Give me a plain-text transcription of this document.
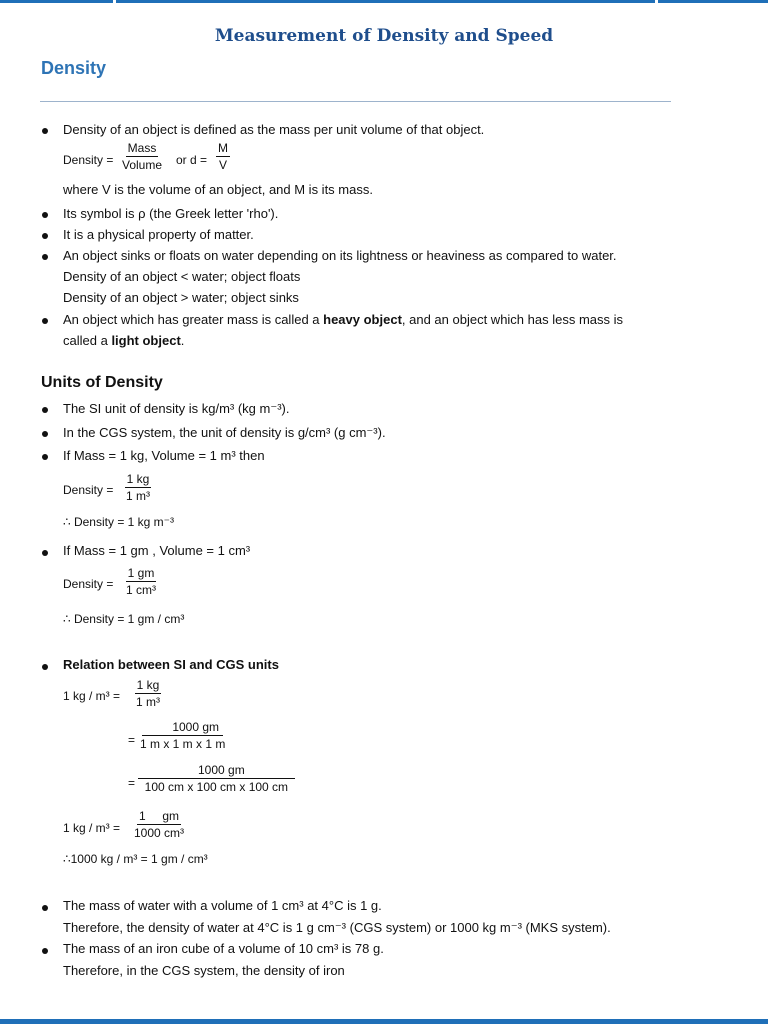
Measurement of Density and Speed
Density
Density of an object is defined as the mass per unit volume of that object.
Density =
Mass
Volume or $d = \frac{M}{V}$
where V is the volume of an object, and M is its mass.
Its symbol is ρ (the Greek letter 'rho').
It is a physical property of matter.
An object sinks or floats on water depending on its lightness or heaviness as compared to water.
Density of an object < water; object floats
Density of an object > water; object sinks
An object which has greater mass is called a heavy object, and an object which has less mass is
called a light object.
Units of Density
The SI unit of density is kg/m³ (kg m⁻³).
In the CGS system, the unit of density is g/cm³ (g cm⁻³).
If Mass = 1 kg, Volume = 1 m³ then
Density = $\frac{1 kg}{\text{1 m³}}$
∴ Density = 1 kg m⁻³
If Mass = 1 gm , Volume = 1 cm³
Density = $\frac{1 gm}{\text{1 cm³}}$
∴ Density = 1 gm / cm³
Relation between SI and CGS units
1 kg / $m^3 = \frac{1 kg}{\text{1 m³}}$
= $\frac{1000 gm}{\text{1 m x 1 m x 1 m}}$
= $\frac{1000 gm}{\text{100 cm x 100 cm x 100 cm}}$
1 kg / $m^3 = \frac{1 gm}{\text{1000 cm³}}$
∴1000 kg / m³ = 1 gm / cm³
The mass of water with a volume of 1 cm³ at 4°C is 1 g.
Therefore, the density of water at 4°C is 1 g cm⁻³ (CGS system) or 1000 kg m⁻³ (MKS system).
The mass of an iron cube of a volume of 10 cm³ is 78 g.
Therefore, in the CGS system, the density of iron
